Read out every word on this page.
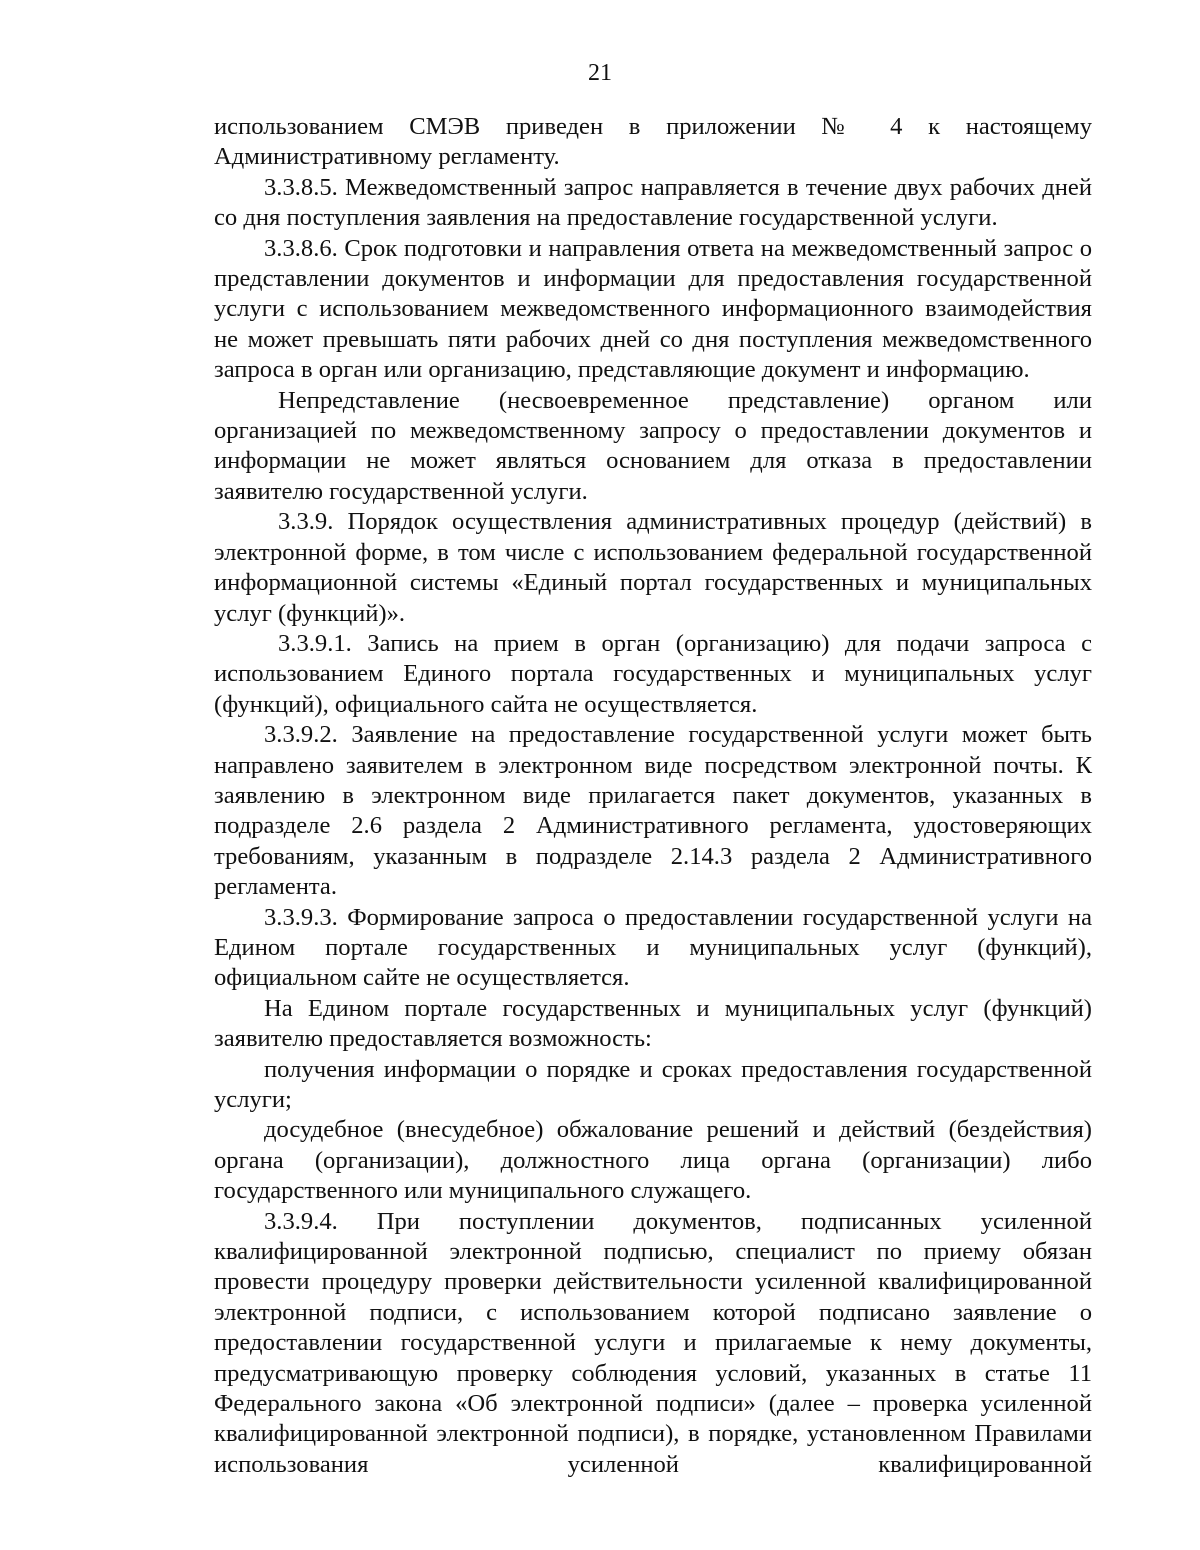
21

использованием СМЭВ приведен в приложении № 4 к настоящему Административному регламенту.

3.3.8.5. Межведомственный запрос направляется в течение двух рабочих дней со дня поступления заявления на предоставление государственной услуги.

3.3.8.6. Срок подготовки и направления ответа на межведомственный запрос о представлении документов и информации для предоставления государственной услуги с использованием межведомственного информационного взаимодействия не может превышать пяти рабочих дней со дня поступления межведомственного запроса в орган или организацию, представляющие документ и информацию.

Непредставление (несвоевременное представление) органом или организацией по межведомственному запросу о предоставлении документов и информации не может являться основанием для отказа в предоставлении заявителю государственной услуги.

3.3.9. Порядок осуществления административных процедур (действий) в электронной форме, в том числе с использованием федеральной государственной информационной системы «Единый портал государственных и муниципальных услуг (функций)».

3.3.9.1. Запись на прием в орган (организацию) для подачи запроса с использованием Единого портала государственных и муниципальных услуг (функций), официального сайта не осуществляется.

3.3.9.2. Заявление на предоставление государственной услуги может быть направлено заявителем в электронном виде посредством электронной почты. К заявлению в электронном виде прилагается пакет документов, указанных в подразделе 2.6 раздела 2 Административного регламента, удостоверяющих требованиям, указанным в подразделе 2.14.3 раздела 2 Административного регламента.

3.3.9.3. Формирование запроса о предоставлении государственной услуги на Едином портале государственных и муниципальных услуг (функций), официальном сайте не осуществляется.

На Едином портале государственных и муниципальных услуг (функций) заявителю предоставляется возможность:

получения информации о порядке и сроках предоставления государственной услуги;

досудебное (внесудебное) обжалование решений и действий (бездействия) органа (организации), должностного лица органа (организации) либо государственного или муниципального служащего.

3.3.9.4. При поступлении документов, подписанных усиленной квалифицированной электронной подписью, специалист по приему обязан провести процедуру проверки действительности усиленной квалифицированной электронной подписи, с использованием которой подписано заявление о предоставлении государственной услуги и прилагаемые к нему документы, предусматривающую проверку соблюдения условий, указанных в статье 11 Федерального закона «Об электронной подписи» (далее – проверка усиленной квалифицированной электронной подписи), в порядке, установленном Правилами использования усиленной квалифицированной
